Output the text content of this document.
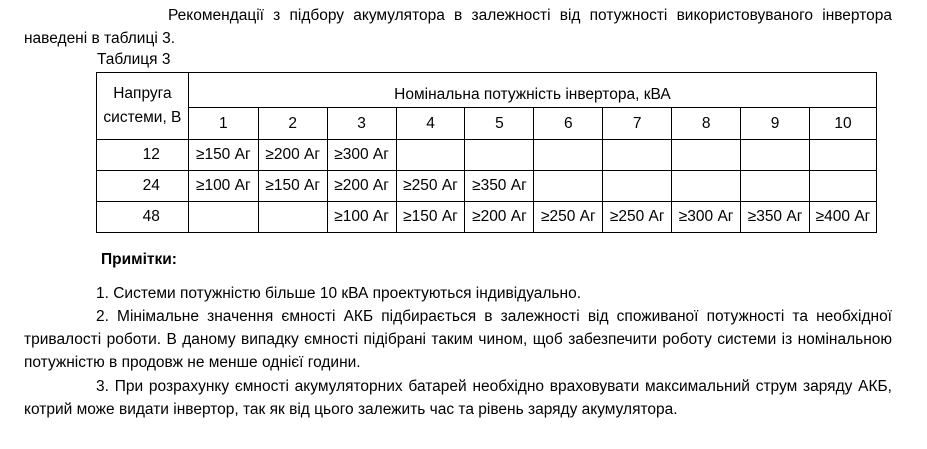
Рекомендації з підбору акумулятора в залежності від потужності використовуваного інвертора наведені в таблиці 3.

Таблиця 3

Напруга системи, В	Номінальна потужність інвертора, кВА									
	1	2	3	4	5	6	7	8	9	10
12	≥150 Аг	≥200 Аг	≥300 Аг							
24	≥100 Аг	≥150 Аг	≥200 Аг	≥250 Аг	≥350 Аг					
48			≥100 Аг	≥150 Аг	≥200 Аг	≥250 Аг	≥250 Аг	≥300 Аг	≥350 Аг	≥400 Аг

Примітки:

1. Системи потужністю більше 10 кВА проектуються індивідуально.

2. Мінімальне значення ємності АКБ підбирається в залежності від споживаної потужності та необхідної тривалості роботи. В даному випадку ємності підібрані таким чином, щоб забезпечити роботу системи із номінальною потужністю в продовж не менше однієї години.

3. При розрахунку ємності акумуляторних батарей необхідно враховувати максимальний струм заряду АКБ, котрий може видати інвертор, так як від цього залежить час та рівень заряду акумулятора.
